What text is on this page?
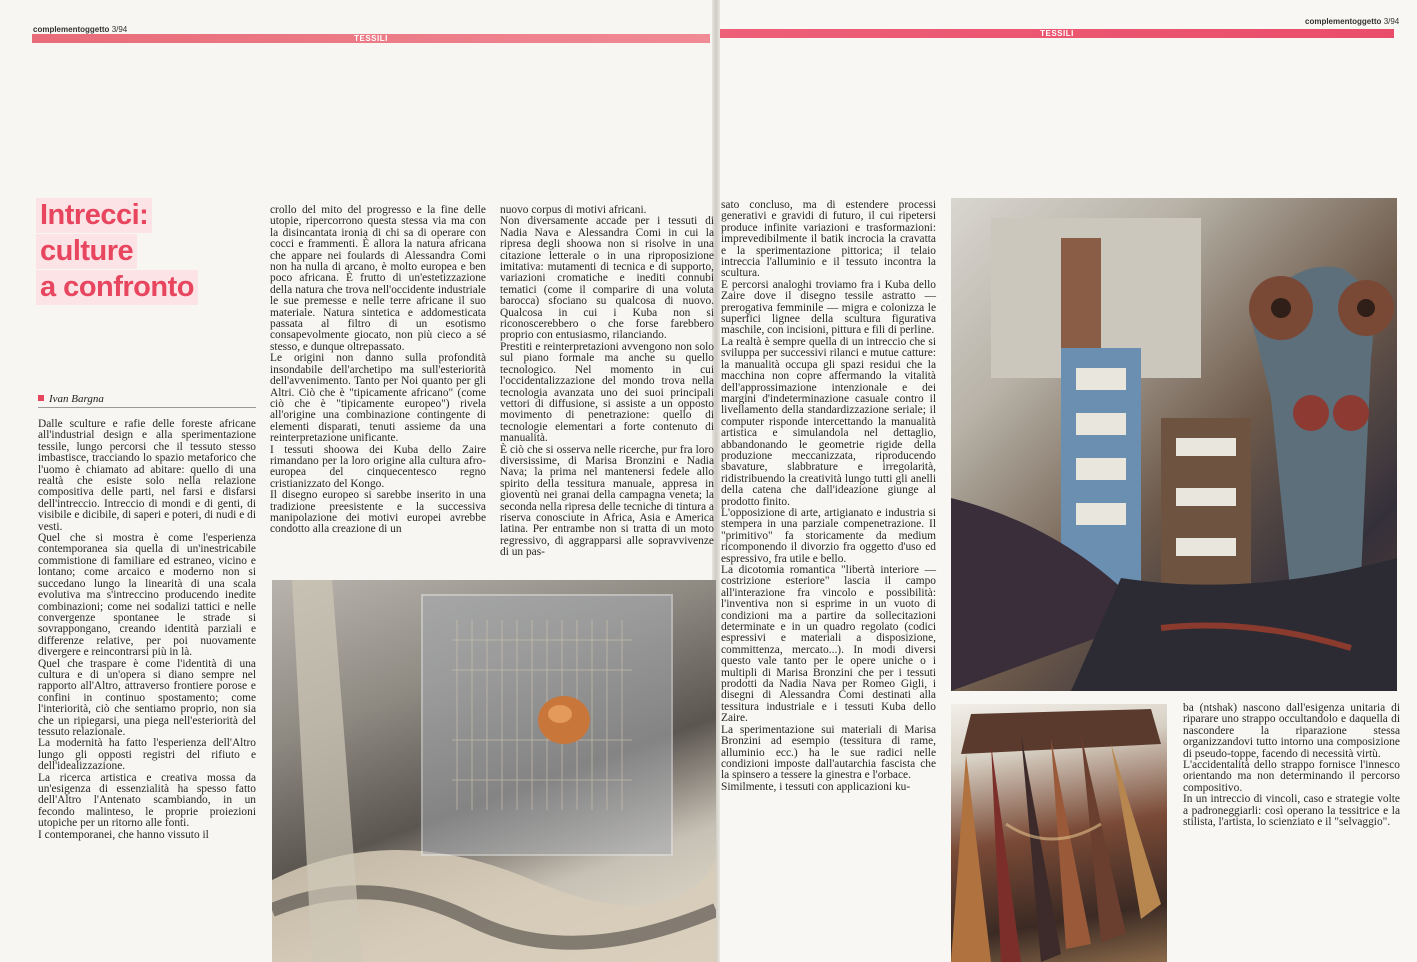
complementoggetto 3/94
complementoggetto 3/94
TESSILI
TESSILI
Intrecci:
culture
a confronto
Ivan Bargna

Dalle sculture e rafie delle foreste africane all'industrial design e alla sperimentazione tessile, lungo percorsi che il tessuto stesso imbastisce, tracciando lo spazio metaforico che l'uomo è chiamato ad abitare: quello di una realtà che esiste solo nella relazione compositiva delle parti, nel farsi e disfarsi dell'intreccio. Intreccio di mondi e di genti, di visibile e dicibile, di saperi e poteri, di nudi e di vesti.

Quel che si mostra è come l'esperienza contemporanea sia quella di un'inestricabile commistione di familiare ed estraneo, vicino e lontano; come arcaico e moderno non si succedano lungo la linearità di una scala evolutiva ma s'intreccino producendo inedite combinazioni; come nei sodalizi tattici e nelle convergenze spontanee le strade si sovrappongano, creando identità parziali e differenze relative, per poi nuovamente divergere e reincontrarsi più in là.

Quel che traspare è come l'identità di una cultura e di un'opera si diano sempre nel rapporto all'Altro, attraverso frontiere porose e confini in continuo spostamento; come l'interiorità, ciò che sentiamo proprio, non sia che un ripiegarsi, una piega nell'esteriorità del tessuto relazionale.

La modernità ha fatto l'esperienza dell'Altro lungo gli opposti registri del rifiuto e dell'idealizzazione.

La ricerca artistica e creativa mossa da un'esigenza di essenzialità ha spesso fatto dell'Altro l'Antenato scambiando, in un fecondo malinteso, le proprie proiezioni utopiche per un ritorno alle fonti.

I contemporanei, che hanno vissuto il

crollo del mito del progresso e la fine delle utopie, ripercorrono questa stessa via ma con la disincantata ironia di chi sa di operare con cocci e frammenti. È allora la natura africana che appare nei foulards di Alessandra Comi non ha nulla di arcano, è molto europea e ben poco africana. È frutto di un'estetizzazione della natura che trova nell'occidente industriale le sue premesse e nelle terre africane il suo materiale. Natura sintetica e addomesticata passata al filtro di un esotismo consapevolmente giocato, non più cieco a sé stesso, e dunque oltrepassato.

Le origini non danno sulla profondità insondabile dell'archetipo ma sull'esteriorità dell'avvenimento. Tanto per Noi quanto per gli Altri. Ciò che è "tipicamente africano" (come ciò che è "tipicamente europeo") rivela all'origine una combinazione contingente di elementi disparati, tenuti assieme da una reinterpretazione unificante.

I tessuti shoowa dei Kuba dello Zaire rimandano per la loro origine alla cultura afro-europea del cinquecentesco regno cristianizzato del Kongo.

Il disegno europeo si sarebbe inserito in una tradizione preesistente e la successiva manipolazione dei motivi europei avrebbe condotto alla creazione di un

nuovo corpus di motivi africani.

Non diversamente accade per i tessuti di Nadia Nava e Alessandra Comi in cui la ripresa degli shoowa non si risolve in una citazione letterale o in una riproposizione imitativa: mutamenti di tecnica e di supporto, variazioni cromatiche e inediti connubi tematici (come il comparire di una voluta barocca) sfociano su qualcosa di nuovo. Qualcosa in cui i Kuba non si riconoscerebbero o che forse farebbero proprio con entusiasmo, rilanciando.

Prestiti e reinterpretazioni avvengono non solo sul piano formale ma anche su quello tecnologico. Nel momento in cui l'occidentalizzazione del mondo trova nella tecnologia avanzata uno dei suoi principali vettori di diffusione, si assiste a un opposto movimento di penetrazione: quello di tecnologie elementari a forte contenuto di manualità.

È ciò che si osserva nelle ricerche, pur fra loro diversissime, di Marisa Bronzini e Nadia Nava; la prima nel mantenersi fedele allo spirito della tessitura manuale, appresa in gioventù nei granai della campagna veneta; la seconda nella ripresa delle tecniche di tintura a riserva conosciute in Africa, Asia e America latina. Per entrambe non si tratta di un moto regressivo, di aggrapparsi alle sopravvivenze di un pas-

sato concluso, ma di estendere processi generativi e gravidi di futuro, il cui ripetersi produce infinite variazioni e trasformazioni: imprevedibilmente il batik incrocia la cravatta e la sperimentazione pittorica; il telaio intreccia l'alluminio e il tessuto incontra la scultura.

E percorsi analoghi troviamo fra i Kuba dello Zaire dove il disegno tessile astratto — prerogativa femminile — migra e colonizza le superfici lignee della scultura figurativa maschile, con incisioni, pittura e fili di perline.

La realtà è sempre quella di un intreccio che si sviluppa per successivi rilanci e mutue catture: la manualità occupa gli spazi residui che la macchina non copre affermando la vitalità dell'approssimazione intenzionale e dei margini d'indeterminazione casuale contro il livellamento della standardizzazione seriale; il computer risponde intercettando la manualità artistica e simulandola nel dettaglio, abbandonando le geometrie rigide della produzione meccanizzata, riproducendo sbavature, slabbrature e irregolarità, ridistribuendo la creatività lungo tutti gli anelli della catena che dall'ideazione giunge al prodotto finito.

L'opposizione di arte, artigianato e industria si stempera in una parziale compenetrazione. Il "primitivo" fa storicamente da medium ricomponendo il divorzio fra oggetto d'uso ed espressivo, fra utile e bello.

La dicotomia romantica "libertà interiore — costrizione esteriore" lascia il campo all'interazione fra vincolo e possibilità: l'inventiva non si esprime in un vuoto di condizioni ma a partire da sollecitazioni determinate e in un quadro regolato (codici espressivi e materiali a disposizione, committenza, mercato...). In modi diversi questo vale tanto per le opere uniche o i multipli di Marisa Bronzini che per i tessuti prodotti da Nadia Nava per Romeo Gigli, i disegni di Alessandra Comi destinati alla tessitura industriale e i tessuti Kuba dello Zaire.

La sperimentazione sui materiali di Marisa Bronzini ad esempio (tessitura di rame, alluminio ecc.) ha le sue radici nelle condizioni imposte dall'autarchia fascista che la spinsero a tessere la ginestra e l'orbace.

Similmente, i tessuti con applicazioni ku-

ba (ntshak) nascono dall'esigenza unitaria di riparare uno strappo occultandolo e daquella di nascondere la riparazione stessa organizzandovi tutto intorno una composizione di pseudo-toppe, facendo di necessità virtù.

L'accidentalità dello strappo fornisce l'innesco orientando ma non determinando il percorso compositivo.

In un intreccio di vincoli, caso e strategie volte a padroneggiarli: così operano la tessitrice e la stilista, l'artista, lo scienziato e il "selvaggio".
